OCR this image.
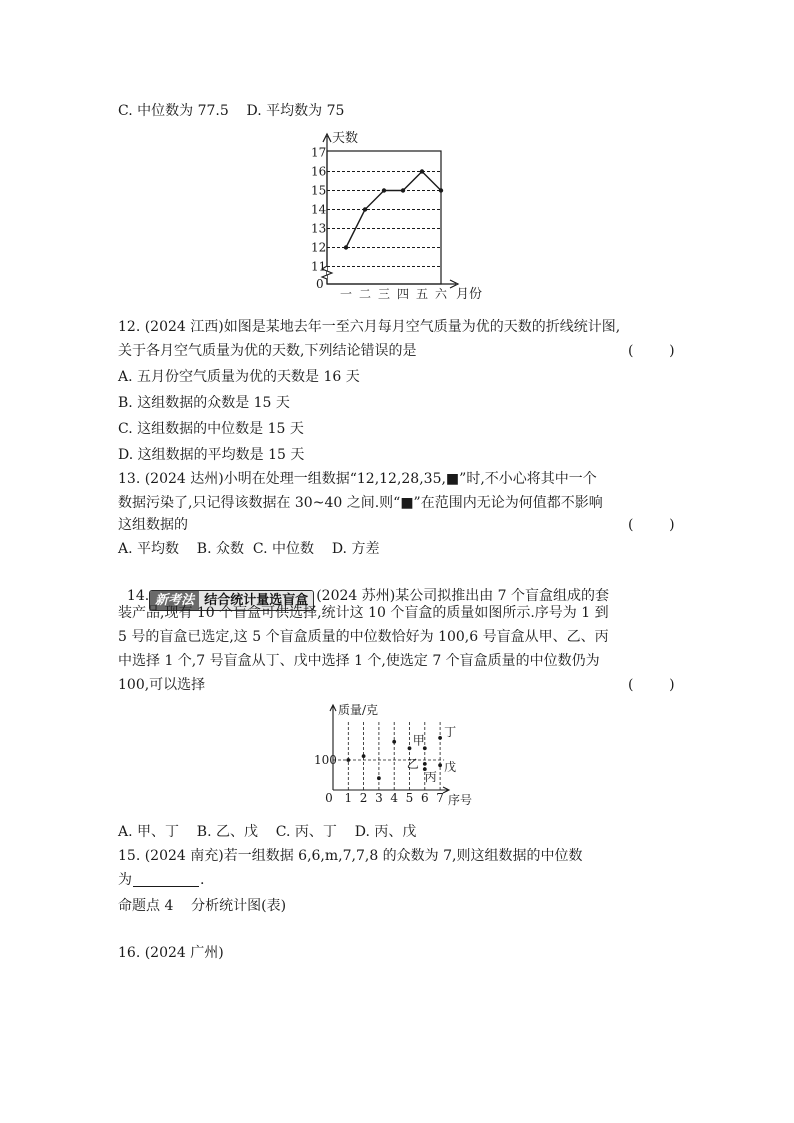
C. 中位数为 77.5    D. 平均数为 75
0
11
12
13
14
15
16
17
一 二 三 四 五 六
天数
月份
12. (2024 江西)如图是某地去年一至六月每月空气质量为优的天数的折线统计图,
关于各月空气质量为优的天数,下列结论错误的是	(        )
A. 五月份空气质量为优的天数是 16 天
B. 这组数据的众数是 15 天
C. 这组数据的中位数是 15 天
D. 这组数据的平均数是 15 天
13. (2024 达州)小明在处理一组数据“12,12,28,35,■”时,不小心将其中一个
数据污染了,只记得该数据在 30~40 之间.则“■”在范围内无论为何值都不影响
这组数据的	(        )
A. 平均数    B. 众数  C. 中位数    D. 方差

14. 新考法 结合统计量选盲盒 (2024 苏州)某公司拟推出由 7 个盲盒组成的套

装产品,现有 10 个盲盒可供选择,统计这 10 个盲盒的质量如图所示.序号为 1 到
5 号的盲盒已选定,这 5 个盲盒质量的中位数恰好为 100,6 号盲盒从甲、乙、丙
中选择 1 个,7 号盲盒从丁、戊中选择 1 个,使选定 7 个盲盒质量的中位数仍为
100,可以选择	(        )
0 1 2 3 4 5 6 7
甲
乙
丙
丁
戊
质量/克
序号
100
A. 甲、丁    B. 乙、戊    C. 丙、丁    D. 丙、戊
15. (2024 南充)若一组数据 6,6,m,7,7,8 的众数为 7,则这组数据的中位数
为	.
命题点 4    分析统计图(表)
16. (2024 广州)
